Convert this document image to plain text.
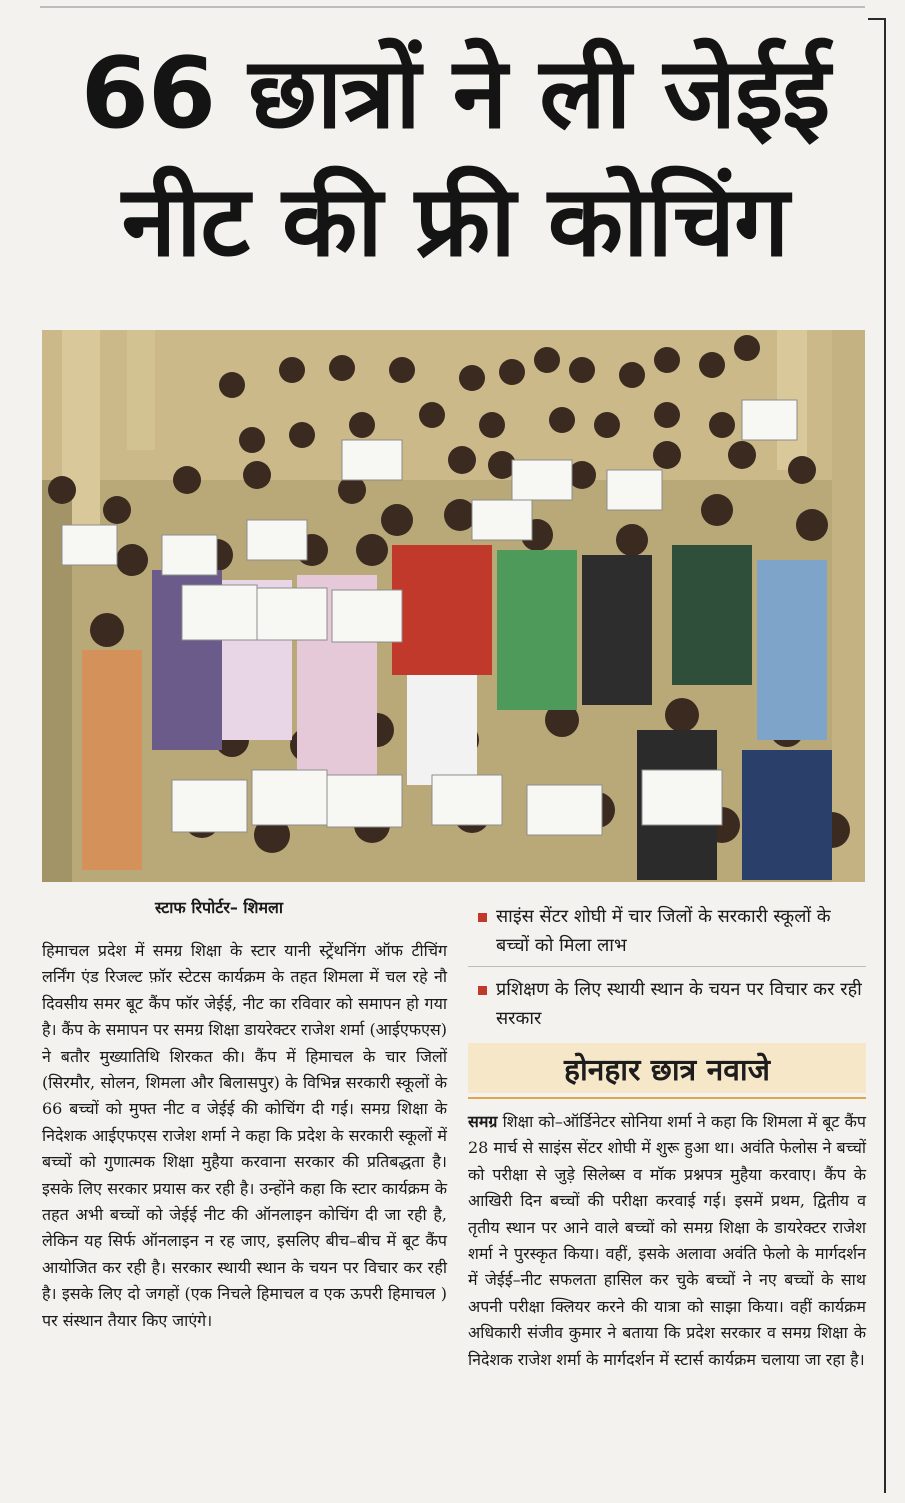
66 छात्रों ने ली जेईई
नीट की फ्री कोचिंग
स्टाफ रिपोर्टर– शिमला

हिमाचल प्रदेश में समग्र शिक्षा के स्टार यानी स्ट्रेंथनिंग ऑफ टीचिंग लर्निंग एंड रिजल्ट फ़ॉर स्टेटस कार्यक्रम के तहत शिमला में चल रहे नौ दिवसीय समर बूट कैंप फॉर जेईई, नीट का रविवार को समापन हो गया है। कैंप के समापन पर समग्र शिक्षा डायरेक्टर राजेश शर्मा (आईएफएस) ने बतौर मुख्यातिथि शिरकत की। कैंप में हिमाचल के चार जिलों (सिरमौर, सोलन, शिमला और बिलासपुर) के विभिन्न सरकारी स्कूलों के 66 बच्चों को मुफ्त नीट व जेईई की कोचिंग दी गई। समग्र शिक्षा के निदेशक आईएफएस राजेश शर्मा ने कहा कि प्रदेश के सरकारी स्कूलों में बच्चों को गुणात्मक शिक्षा मुहैया करवाना सरकार की प्रतिबद्धता है। इसके लिए सरकार प्रयास कर रही है। उन्होंने कहा कि स्टार कार्यक्रम के तहत अभी बच्चों को जेईई नीट की ऑनलाइन कोचिंग दी जा रही है, लेकिन यह सिर्फ ऑनलाइन न रह जाए, इसलिए बीच–बीच में बूट कैंप आयोजित कर रही है। सरकार स्थायी स्थान के चयन पर विचार कर रही है। इसके लिए दो जगहों (एक निचले हिमाचल व एक ऊपरी हिमाचल ) पर संस्थान तैयार किए जाएंगे।

साइंस सेंटर शोघी में चार जिलों के सरकारी स्कूलों के बच्चों को मिला लाभ
प्रशिक्षण के लिए स्थायी स्थान के चयन पर विचार कर रही सरकार
होनहार छात्र नवाजे
समग्र शिक्षा को–ऑर्डिनेटर सोनिया शर्मा ने कहा कि शिमला में बूट कैंप 28 मार्च से साइंस सेंटर शोघी में शुरू हुआ था। अवंति फेलोस ने बच्चों को परीक्षा से जुड़े सिलेब्स व मॉक प्रश्नपत्र मुहैया करवाए। कैंप के आखिरी दिन बच्चों की परीक्षा करवाई गई। इसमें प्रथम, द्वितीय व तृतीय स्थान पर आने वाले बच्चों को समग्र शिक्षा के डायरेक्टर राजेश शर्मा ने पुरस्कृत किया। वहीं, इसके अलावा अवंति फेलो के मार्गदर्शन में जेईई–नीट सफलता हासिल कर चुके बच्चों ने नए बच्चों के साथ अपनी परीक्षा क्लियर करने की यात्रा को साझा किया। वहीं कार्यक्रम अधिकारी संजीव कुमार ने बताया कि प्रदेश सरकार व समग्र शिक्षा के निदेशक राजेश शर्मा के मार्गदर्शन में स्टार्स कार्यक्रम चलाया जा रहा है।
